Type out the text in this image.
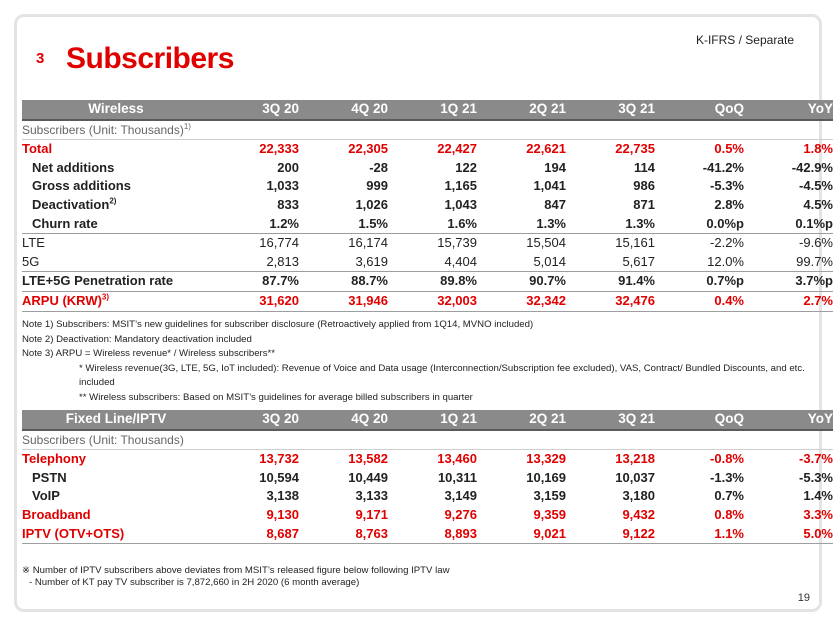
K-IFRS / Separate
3 Subscribers
Wireless	3Q 20	4Q 20	1Q 21	2Q 21	3Q 21	QoQ	YoY
Subscribers (Unit: Thousands)$^{1)}$
Total	22,333	22,305	22,427	22,621	22,735	0.5%	1.8%
Net additions	200	-28	122	194	114	-41.2%	-42.9%
Gross additions	1,033	999	1,165	1,041	986	-5.3%	-4.5%
Deactivation$^{2)}$	833	1,026	1,043	847	871	2.8%	4.5%
Churn rate	1.2%	1.5%	1.6%	1.3%	1.3%	0.0%p	0.1%p
LTE	16,774	16,174	15,739	15,504	15,161	-2.2%	-9.6%
5G	2,813	3,619	4,404	5,014	5,617	12.0%	99.7%
LTE+5G Penetration rate	87.7%	88.7%	89.8%	90.7%	91.4%	0.7%p	3.7%p
ARPU (KRW)$^{3)}$	31,620	31,946	32,003	32,342	32,476	0.4%	2.7%
Note 1) Subscribers: MSIT’s new guidelines for subscriber disclosure (Retroactively applied from 1Q14, MVNO included)
Note 2) Deactivation: Mandatory deactivation included
Note 3) ARPU = Wireless revenue* / Wireless subscribers**
* Wireless revenue(3G, LTE, 5G, IoT included): Revenue of Voice and Data usage (Interconnection/Subscription fee excluded), VAS, Contract/ Bundled Discounts, and etc. included
** Wireless subscribers: Based on MSIT’s guidelines for average billed subscribers in quarter
Fixed Line/IPTV	3Q 20	4Q 20	1Q 21	2Q 21	3Q 21	QoQ	YoY
Subscribers (Unit: Thousands)							
Telephony	13,732	13,582	13,460	13,329	13,218	-0.8%	-3.7%
PSTN	10,594	10,449	10,311	10,169	10,037	-1.3%	-5.3%
VoIP	3,138	3,133	3,149	3,159	3,180	0.7%	1.4%
Broadband	9,130	9,171	9,276	9,359	9,432	0.8%	3.3%
IPTV (OTV+OTS)	8,687	8,763	8,893	9,021	9,122	1.1%	5.0%
※ Number of IPTV subscribers above deviates from MSIT’s released figure below following IPTV law
- Number of KT pay TV subscriber is 7,872,660 in 2H 2020 (6 month average)
19
